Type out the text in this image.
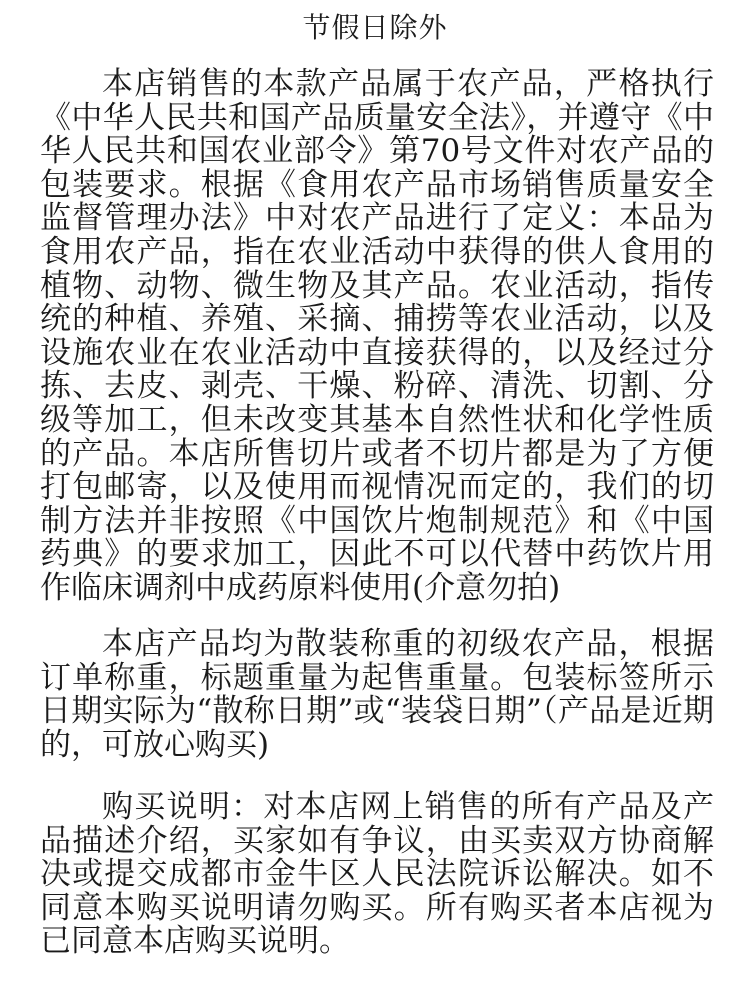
节假日除外
本店销售的本款产品属于农产品，严格执行《中华人民共和国产品质量安全法》，并遵守《中华人民共和国农业部令》第70号文件对农产品的包装要求。根据《食用农产品市场销售质量安全监督管理办法》中对农产品进行了定义：本品为食用农产品，指在农业活动中获得的供人食用的植物、动物、微生物及其产品。农业活动，指传统的种植、养殖、采摘、捕捞等农业活动，以及设施农业在农业活动中直接获得的，以及经过分拣、去皮、剥壳、干燥、粉碎、清洗、切割、分级等加工，但未改变其基本自然性状和化学性质的产品。本店所售切片或者不切片都是为了方便打包邮寄，以及使用而视情况而定的，我们的切制方法并非按照《中国饮片炮制规范》和《中国药典》的要求加工，因此不可以代替中药饮片用作临床调剂中成药原料使用(介意勿拍)
本店产品均为散装称重的初级农产品，根据订单称重，标题重量为起售重量。包装标签所示日期实际为“散称日期”或“装袋日期”（产品是近期的，可放心购买)
购买说明：对本店网上销售的所有产品及产品描述介绍，买家如有争议，由买卖双方协商解决或提交成都市金牛区人民法院诉讼解决。如不同意本购买说明请勿购买。所有购买者本店视为已同意本店购买说明。
